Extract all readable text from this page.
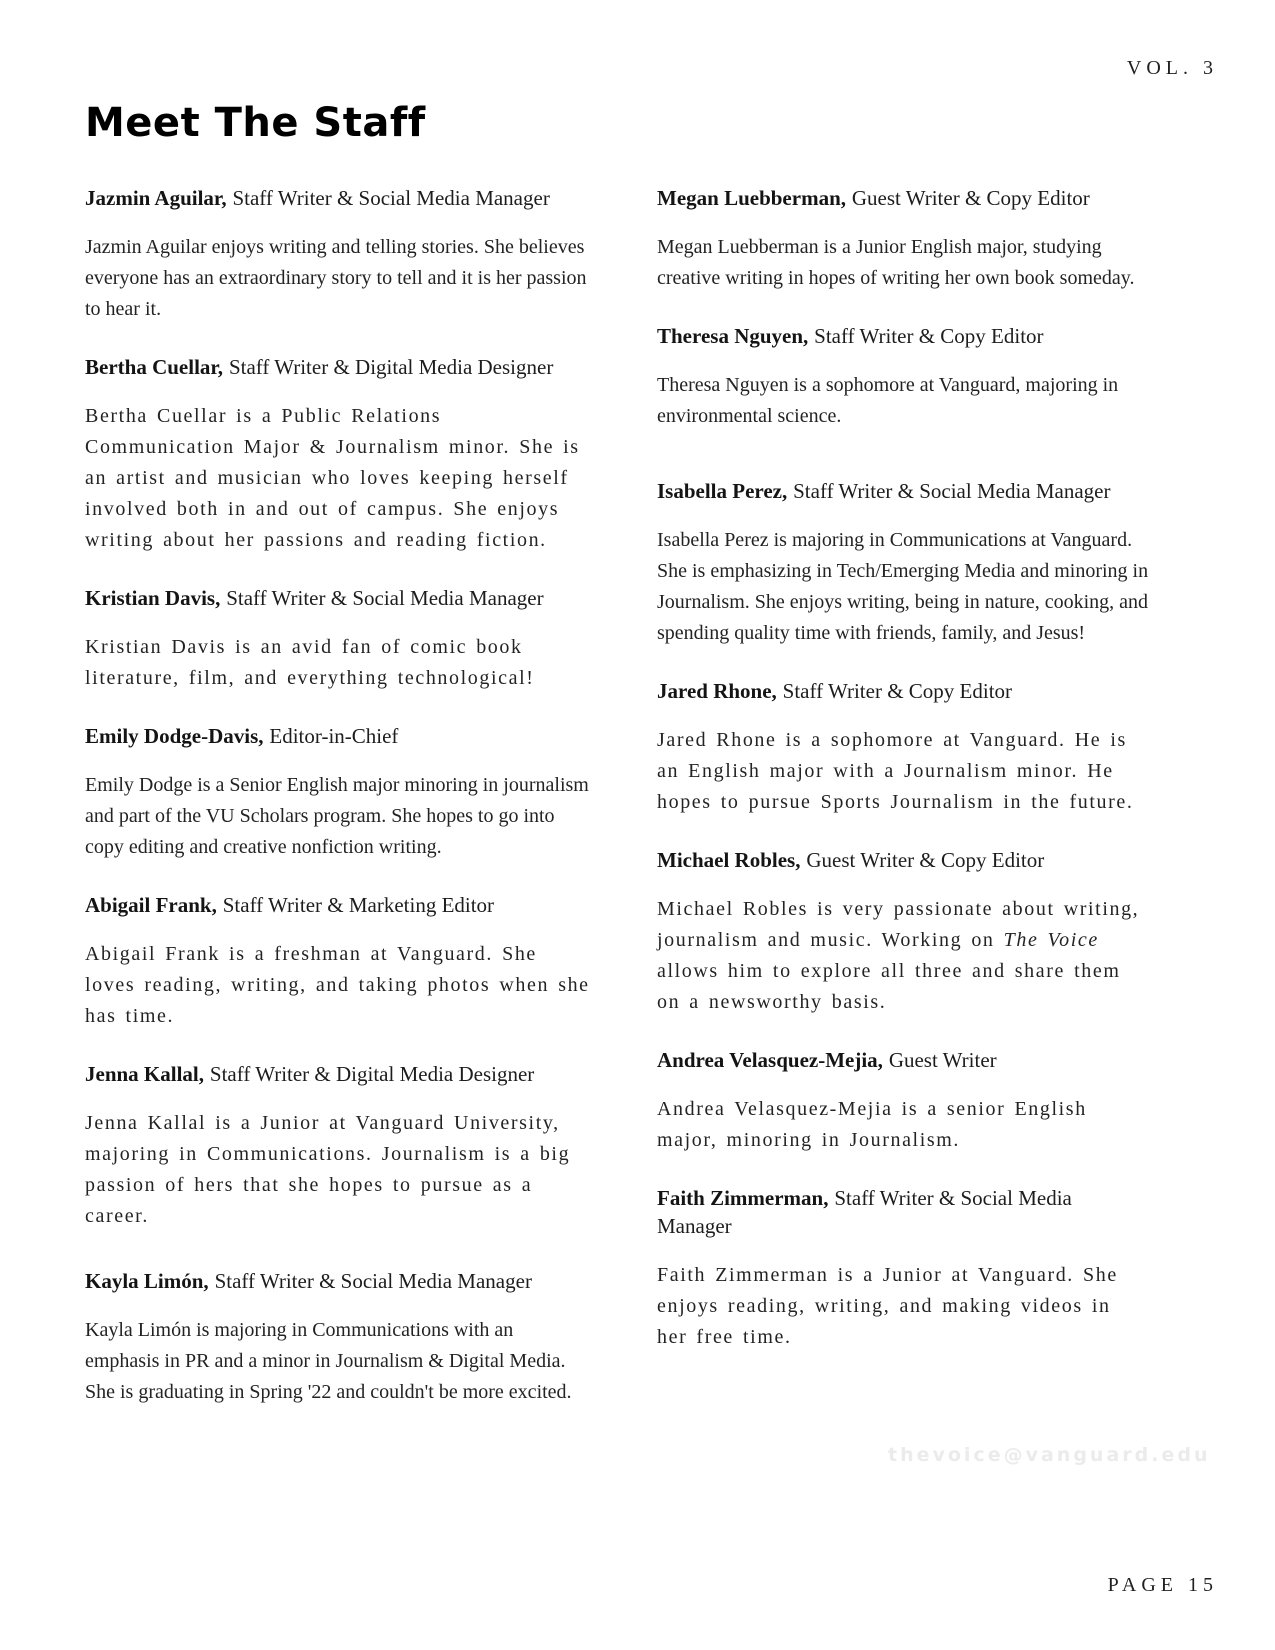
VOL. 3
thevoice@vanguard.edu
Meet The Staff
Jazmin Aguilar, Staff Writer & Social Media Manager

Jazmin Aguilar enjoys writing and telling stories. She believes everyone has an extraordinary story to tell and it is her passion to hear it.

Bertha Cuellar, Staff Writer & Digital Media Designer

Bertha Cuellar is a Public Relations Communication Major & Journalism minor. She is an artist and musician who loves keeping herself involved both in and out of campus. She enjoys writing about her passions and reading fiction.

Kristian Davis, Staff Writer & Social Media Manager

Kristian Davis is an avid fan of comic book literature, film, and everything technological!

Emily Dodge-Davis, Editor-in-Chief

Emily Dodge is a Senior English major minoring in journalism and part of the VU Scholars program. She hopes to go into copy editing and creative nonfiction writing.

Abigail Frank, Staff Writer & Marketing Editor

Abigail Frank is a freshman at Vanguard. She loves reading, writing, and taking photos when she has time.

Jenna Kallal, Staff Writer & Digital Media Designer

Jenna Kallal is a Junior at Vanguard University, majoring in Communications. Journalism is a big passion of hers that she hopes to pursue as a career.

Kayla Limón, Staff Writer & Social Media Manager

Kayla Limón is majoring in Communications with an emphasis in PR and a minor in Journalism & Digital Media. She is graduating in Spring '22 and couldn't be more excited.

Megan Luebberman, Guest Writer & Copy Editor

Megan Luebberman is a Junior English major, studying creative writing in hopes of writing her own book someday.

Theresa Nguyen, Staff Writer & Copy Editor

Theresa Nguyen is a sophomore at Vanguard, majoring in environmental science.

Isabella Perez, Staff Writer & Social Media Manager

Isabella Perez is majoring in Communications at Vanguard. She is emphasizing in Tech/Emerging Media and minoring in Journalism. She enjoys writing, being in nature, cooking, and spending quality time with friends, family, and Jesus!

Jared Rhone, Staff Writer & Copy Editor

Jared Rhone is a sophomore at Vanguard. He is an English major with a Journalism minor. He hopes to pursue Sports Journalism in the future.

Michael Robles, Guest Writer & Copy Editor

Michael Robles is very passionate about writing, journalism and music. Working on The Voice allows him to explore all three and share them on a newsworthy basis.

Andrea Velasquez-Mejia, Guest Writer

Andrea Velasquez-Mejia is a senior English major, minoring in Journalism.

Faith Zimmerman, Staff Writer & Social Media Manager

Faith Zimmerman is a Junior at Vanguard. She enjoys reading, writing, and making videos in her free time.

PAGE 15
